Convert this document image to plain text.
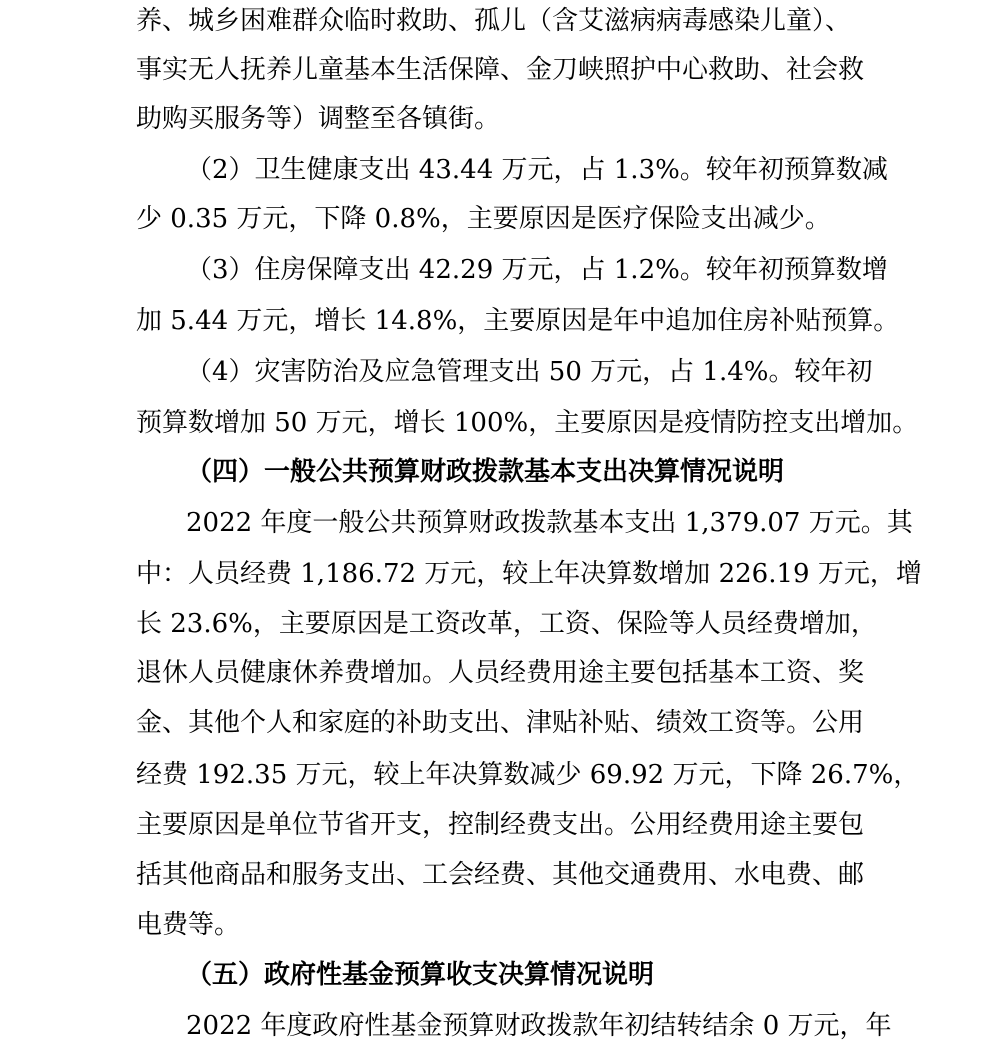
养、城乡困难群众临时救助、孤儿（含艾滋病病毒感染儿童）、
事实无人抚养儿童基本生活保障、金刀峡照护中心救助、社会救
助购买服务等）调整至各镇街。
（2）卫生健康支出 43.44 万元，占 1.3%。较年初预算数减
少 0.35 万元，下降 0.8%，主要原因是医疗保险支出减少。
（3）住房保障支出 42.29 万元，占 1.2%。较年初预算数增
加 5.44 万元，增长 14.8%，主要原因是年中追加住房补贴预算。
（4）灾害防治及应急管理支出 50 万元，占 1.4%。较年初
预算数增加 50 万元，增长 100%，主要原因是疫情防控支出增加。
（四）一般公共预算财政拨款基本支出决算情况说明
2022 年度一般公共预算财政拨款基本支出 1,379.07 万元。其
中：人员经费 1,186.72 万元，较上年决算数增加 226.19 万元，增
长 23.6%，主要原因是工资改革，工资、保险等人员经费增加，
退休人员健康休养费增加。人员经费用途主要包括基本工资、奖
金、其他个人和家庭的补助支出、津贴补贴、绩效工资等。公用
经费 192.35 万元，较上年决算数减少 69.92 万元，下降 26.7%，
主要原因是单位节省开支，控制经费支出。公用经费用途主要包
括其他商品和服务支出、工会经费、其他交通费用、水电费、邮
电费等。
（五）政府性基金预算收支决算情况说明
2022 年度政府性基金预算财政拨款年初结转结余 0 万元，年
